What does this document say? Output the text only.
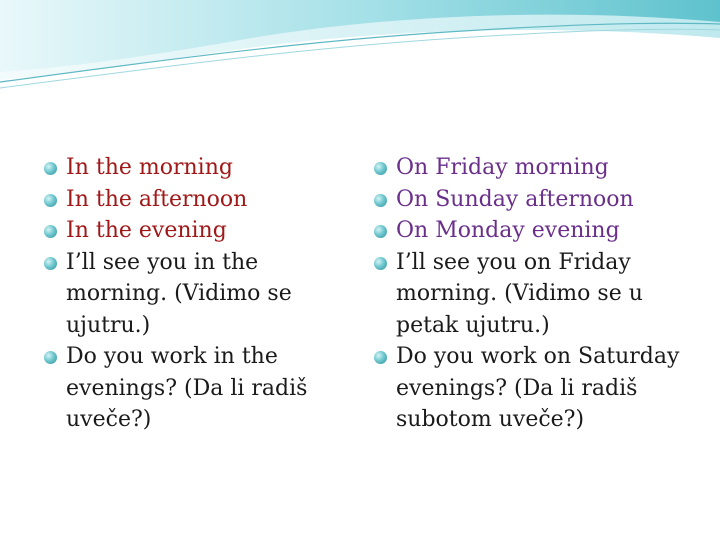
In the morning
In the afternoon
In the evening
I’ll see you in the morning. (Vidimo se ujutru.)
Do you work in the evenings? (Da li radiš uveče?)
On Friday morning
On Sunday afternoon
On Monday evening
I’ll see you on Friday morning. (Vidimo se u petak ujutru.)
Do you work on Saturday evenings? (Da li radiš subotom uveče?)
